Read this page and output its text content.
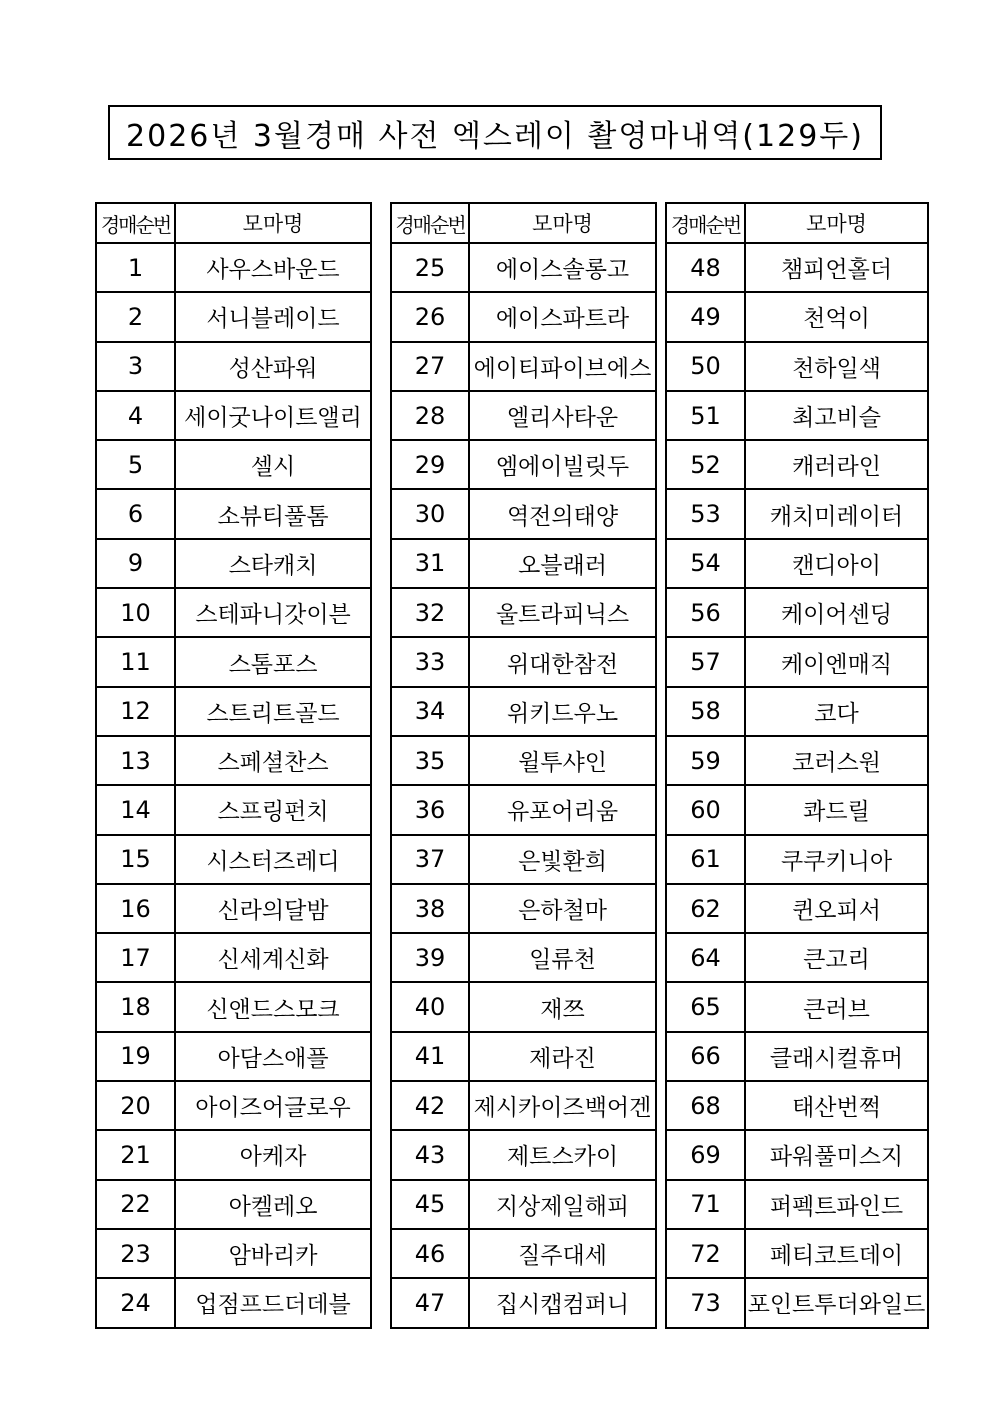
2026년 3월경매 사전 엑스레이 촬영마내역(129두)
경매순번	모마명
1	사우스바운드
2	서니블레이드
3	성산파워
4	세이굿나이트앨리
5	셀시
6	소뷰티풀톰
9	스타캐치
10	스테파니갓이븐
11	스톰포스
12	스트리트골드
13	스페셜찬스
14	스프링펀치
15	시스터즈레디
16	신라의달밤
17	신세계신화
18	신앤드스모크
19	아담스애플
20	아이즈어글로우
21	아케자
22	아켈레오
23	암바리카
24	업점프드더데블
경매순번	모마명
25	에이스솔롱고
26	에이스파트라
27	에이티파이브에스
28	엘리사타운
29	엠에이빌릿두
30	역전의태양
31	오블래러
32	울트라피닉스
33	위대한참전
34	위키드우노
35	윌투샤인
36	유포어리움
37	은빛환희
38	은하철마
39	일류천
40	재쯔
41	제라진
42	제시카이즈백어겐
43	제트스카이
45	지상제일해피
46	질주대세
47	집시캡컴퍼니
경매순번	모마명
48	챔피언홀더
49	천억이
50	천하일색
51	최고비슬
52	캐러라인
53	캐치미레이터
54	캔디아이
56	케이어센딩
57	케이엔매직
58	코다
59	코러스원
60	콰드릴
61	쿠쿠키니아
62	퀸오피서
64	큰고리
65	큰러브
66	클래시컬휴머
68	태산번쩍
69	파워풀미스지
71	퍼펙트파인드
72	페티코트데이
73	포인트투더와일드
